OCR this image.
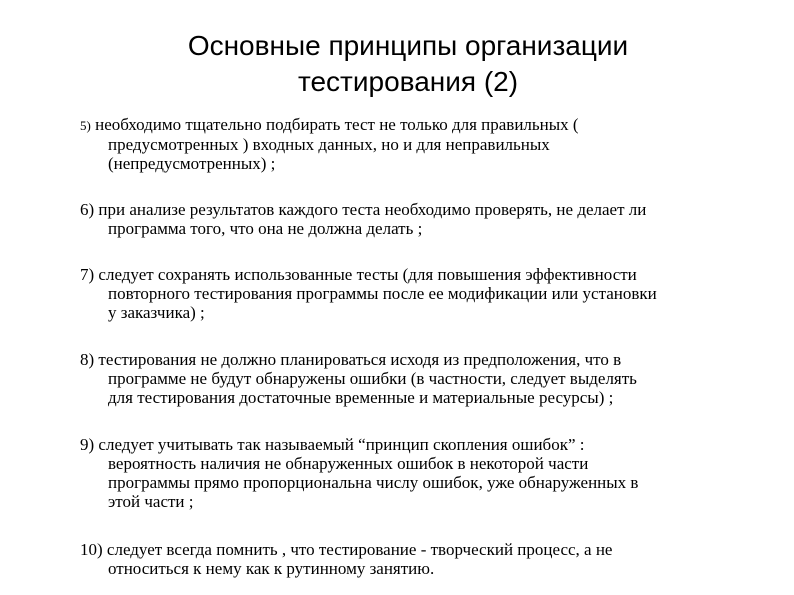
Основные принципы организации
тестирования (2)
5) необходимо тщательно подбирать тест не только для правильных (
предусмотренных ) входных данных, но и для неправильных
(непредусмотренных) ;
6) при анализе результатов каждого теста необходимо проверять, не делает ли
программа того, что она не должна делать ;
7) следует сохранять использованные тесты (для повышения эффективности
повторного тестирования программы после ее модификации или установки
у заказчика) ;
8) тестирования не должно планироваться исходя из предположения, что в
программе не будут обнаружены ошибки (в частности, следует выделять
для тестирования достаточные временные и материальные ресурсы) ;
9) следует учитывать так называемый “принцип скопления ошибок” :
вероятность наличия не обнаруженных ошибок в некоторой части
программы прямо пропорциональна числу ошибок, уже обнаруженных в
этой части ;
10) следует всегда помнить , что тестирование - творческий процесс, а не
относиться к нему как к рутинному занятию.
